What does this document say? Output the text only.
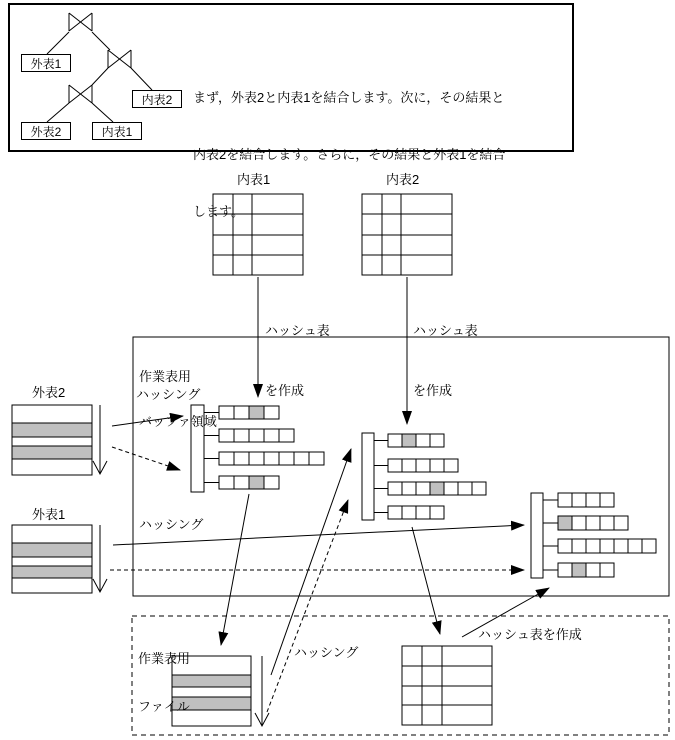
外表1
内表2
外表2	内表1

まず，外表2と内表1を結合します。次に，その結果と

内表2を結合します。さらに，その結果と外表1を結合

します。

内表1	内表2

ハッシュ表

を作成

ハッシュ表

を作成

作業表用

バッファ領域

ハッシング
ハッシング
ハッシング
外表2
外表1

作業表用

ファイル

ハッシュ表を作成
